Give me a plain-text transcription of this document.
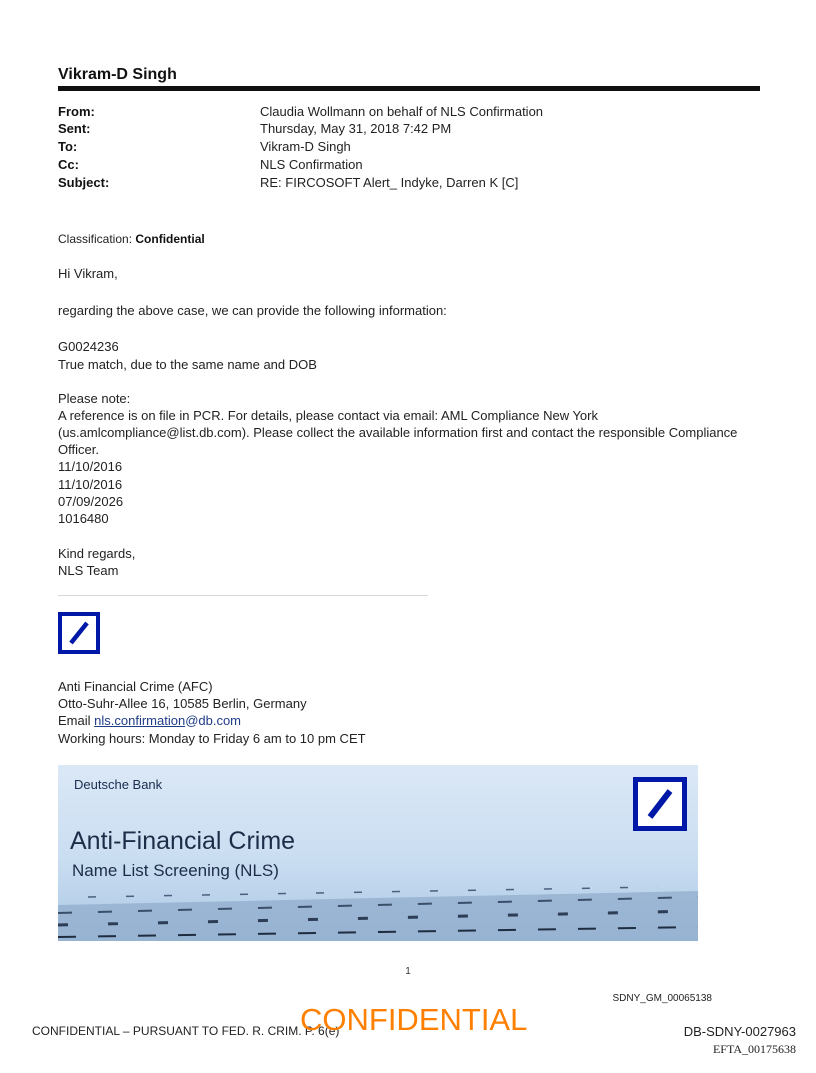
Vikram-D Singh
From:	Claudia Wollmann on behalf of NLS Confirmation
Sent:	Thursday, May 31, 2018 7:42 PM
To:	Vikram-D Singh
Cc:	NLS Confirmation
Subject:	RE: FIRCOSOFT Alert_ Indyke, Darren K [C]
Classification: Confidential
Hi Vikram,
regarding the above case, we can provide the following information:
G0024236
True match, due to the same name and DOB
Please note:
A reference is on file in PCR. For details, please contact via email: AML Compliance New York
(us.amlcompliance@list.db.com). Please collect the available information first and contact the responsible Compliance
Officer.
11/10/2016
11/10/2016
07/09/2026
1016480
Kind regards,
NLS Team
Anti Financial Crime (AFC)
Otto-Suhr-Allee 16, 10585 Berlin, Germany
Email nls.confirmation@db.com
Working hours: Monday to Friday 6 am to 10 pm CET
Deutsche Bank
Anti-Financial Crime
Name List Screening (NLS)
1
SDNY_GM_00065138
CONFIDENTIAL – PURSUANT TO FED. R. CRIM. P. 6(e)
CONFIDENTIAL	DB-SDNY-0027963
EFTA_00175638
